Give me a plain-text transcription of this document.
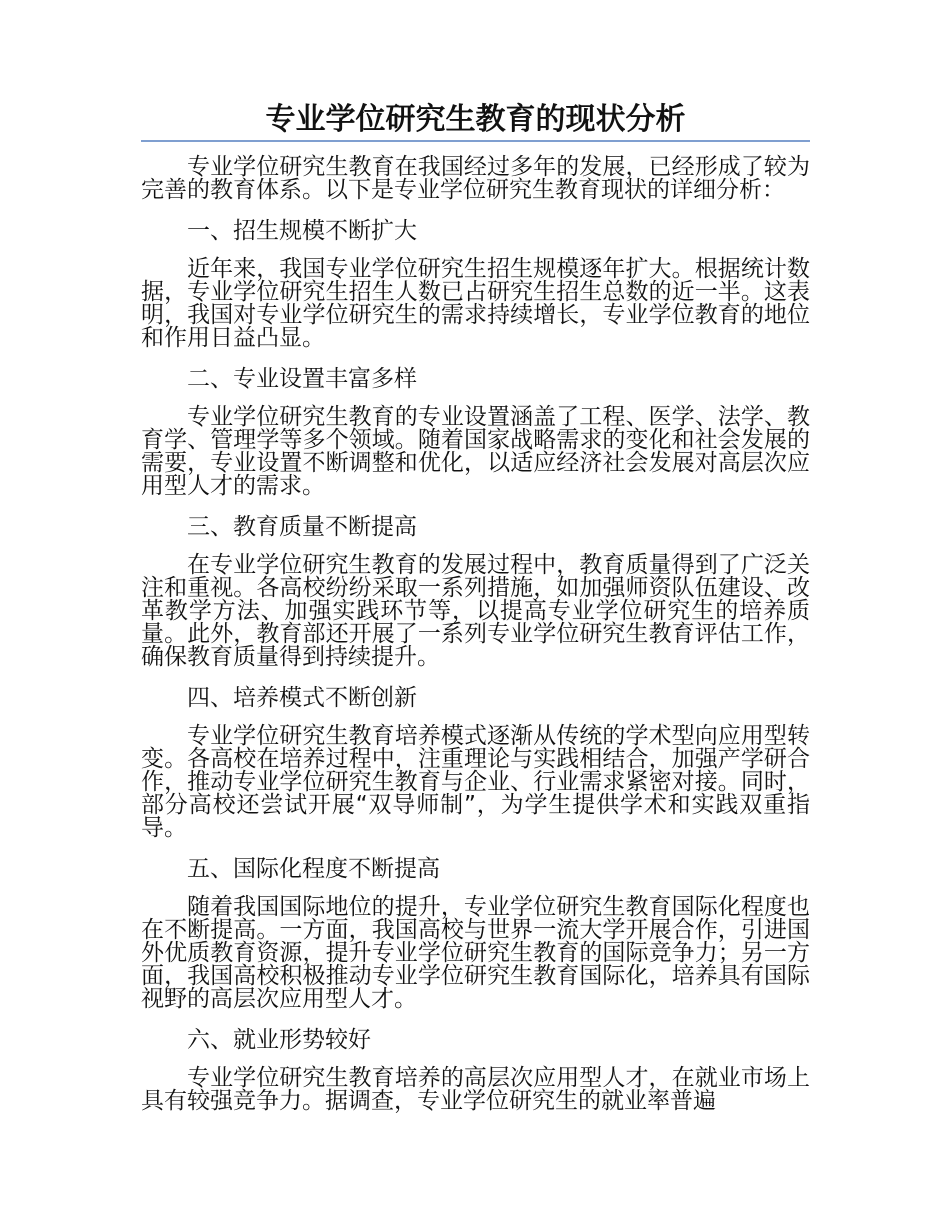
专业学位研究生教育的现状分析

专业学位研究生教育在我国经过多年的发展，已经形成了较为完善的教育体系。以下是专业学位研究生教育现状的详细分析：

一、招生规模不断扩大

近年来，我国专业学位研究生招生规模逐年扩大。根据统计数据，专业学位研究生招生人数已占研究生招生总数的近一半。这表明，我国对专业学位研究生的需求持续增长，专业学位教育的地位和作用日益凸显。

二、专业设置丰富多样

专业学位研究生教育的专业设置涵盖了工程、医学、法学、教育学、管理学等多个领域。随着国家战略需求的变化和社会发展的需要，专业设置不断调整和优化，以适应经济社会发展对高层次应用型人才的需求。

三、教育质量不断提高

在专业学位研究生教育的发展过程中，教育质量得到了广泛关注和重视。各高校纷纷采取一系列措施，如加强师资队伍建设、改革教学方法、加强实践环节等，以提高专业学位研究生的培养质量。此外，教育部还开展了一系列专业学位研究生教育评估工作，确保教育质量得到持续提升。

四、培养模式不断创新

专业学位研究生教育培养模式逐渐从传统的学术型向应用型转变。各高校在培养过程中，注重理论与实践相结合，加强产学研合作，推动专业学位研究生教育与企业、行业需求紧密对接。同时，部分高校还尝试开展“双导师制”，为学生提供学术和实践双重指导。

五、国际化程度不断提高

随着我国国际地位的提升，专业学位研究生教育国际化程度也在不断提高。一方面，我国高校与世界一流大学开展合作，引进国外优质教育资源，提升专业学位研究生教育的国际竞争力；另一方面，我国高校积极推动专业学位研究生教育国际化，培养具有国际视野的高层次应用型人才。

六、就业形势较好

专业学位研究生教育培养的高层次应用型人才，在就业市场上具有较强竞争力。据调查，专业学位研究生的就业率普遍
